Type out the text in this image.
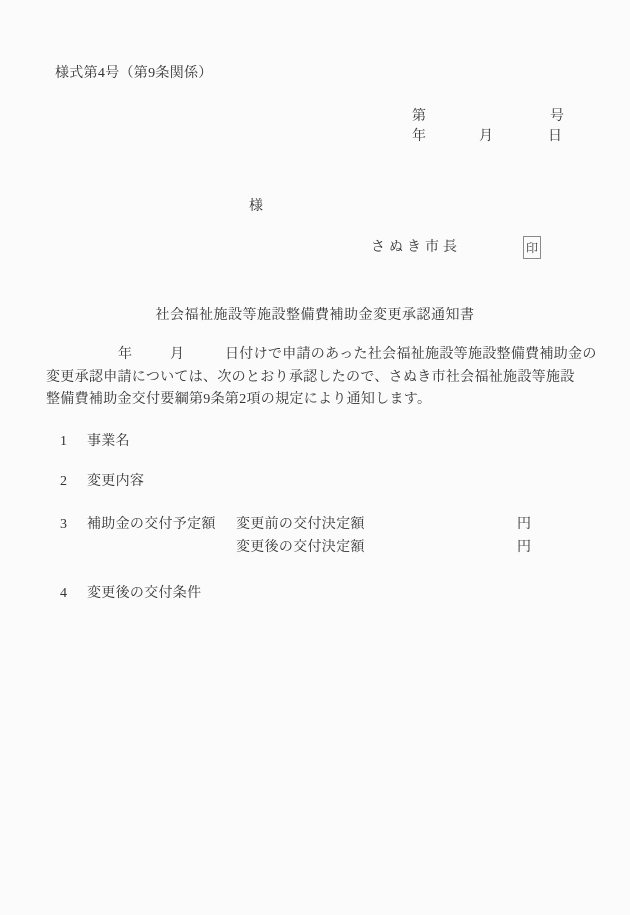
様式第4号（第9条関係）
第	号
年	月	日
様
さぬき市長	印
社会福祉施設等施設整備費補助金変更承認通知書
年	月	日付けで申請のあった社会福祉施設等施設整備費補助金の
変更承認申請については、次のとおり承認したので、さぬき市社会福祉施設等施設
整備費補助金交付要綱第9条第2項の規定により通知します。
1 事業名
2 変更内容
3 補助金の交付予定額 変更前の交付決定額	円
変更後の交付決定額	円
4 変更後の交付条件
